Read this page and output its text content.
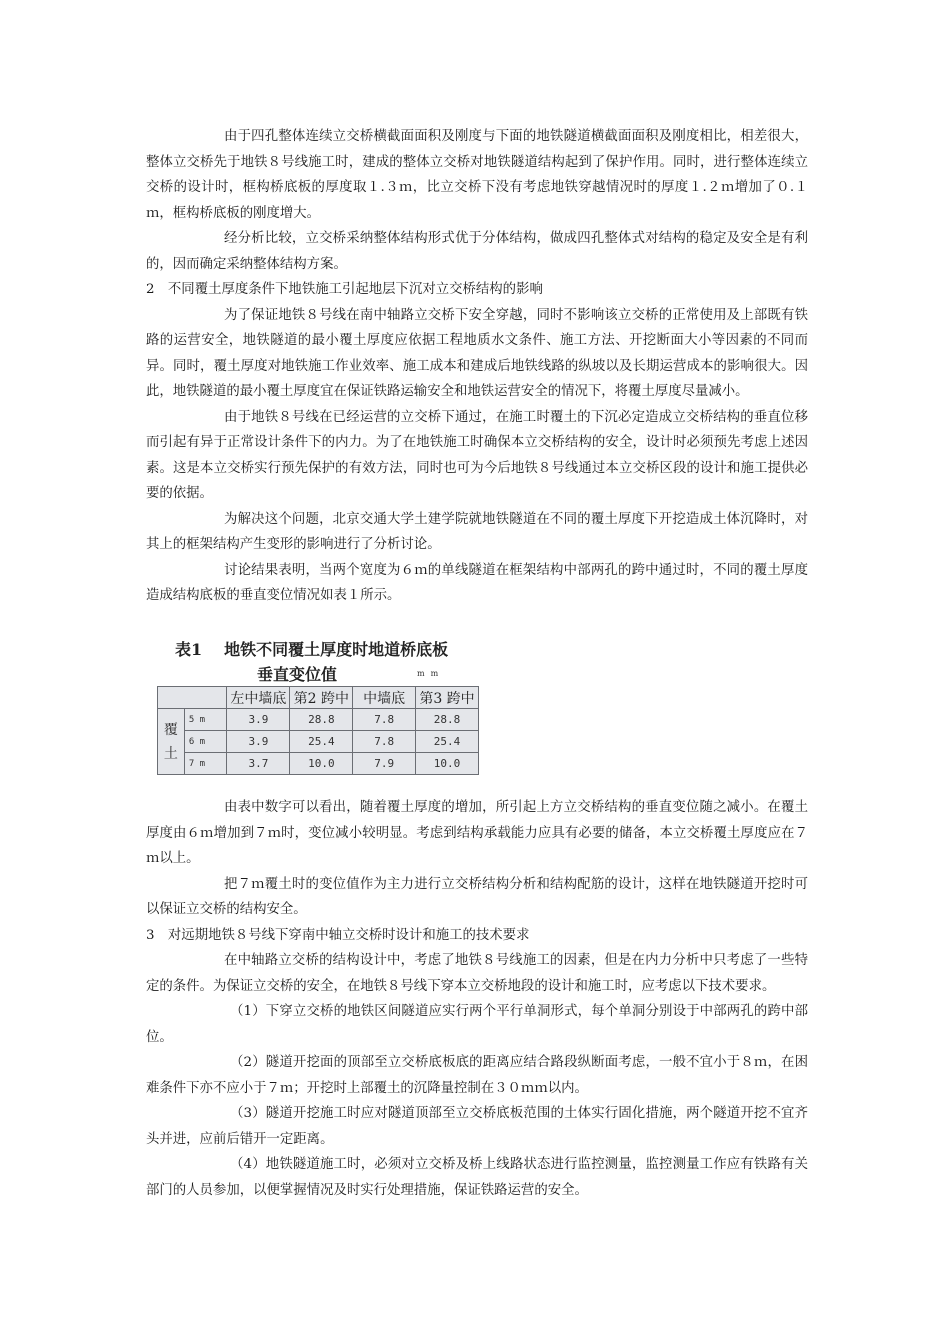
由于四孔整体连续立交桥横截面面积及刚度与下面的地铁隧道横截面面积及刚度相比，相差很大，整体立交桥先于地铁８号线施工时，建成的整体立交桥对地铁隧道结构起到了保护作用。同时，进行整体连续立交桥的设计时，框构桥底板的厚度取１.３ｍ，比立交桥下没有考虑地铁穿越情况时的厚度１.２ｍ增加了０.１ｍ，框构桥底板的刚度增大。

经分析比较，立交桥采纳整体结构形式优于分体结构，做成四孔整体式对结构的稳定及安全是有利的，因而确定采纳整体结构方案。

2　不同覆土厚度条件下地铁施工引起地层下沉对立交桥结构的影响

为了保证地铁８号线在南中轴路立交桥下安全穿越，同时不影响该立交桥的正常使用及上部既有铁路的运营安全，地铁隧道的最小覆土厚度应依据工程地质水文条件、施工方法、开挖断面大小等因素的不同而异。同时，覆土厚度对地铁施工作业效率、施工成本和建成后地铁线路的纵坡以及长期运营成本的影响很大。因此，地铁隧道的最小覆土厚度宜在保证铁路运输安全和地铁运营安全的情况下，将覆土厚度尽量减小。

由于地铁８号线在已经运营的立交桥下通过，在施工时覆土的下沉必定造成立交桥结构的垂直位移而引起有异于正常设计条件下的内力。为了在地铁施工时确保本立交桥结构的安全，设计时必须预先考虑上述因素。这是本立交桥实行预先保护的有效方法，同时也可为今后地铁８号线通过本立交桥区段的设计和施工提供必要的依据。

为解决这个问题，北京交通大学土建学院就地铁隧道在不同的覆土厚度下开挖造成土体沉降时，对其上的框架结构产生变形的影响进行了分析讨论。

讨论结果表明，当两个宽度为６ｍ的单线隧道在框架结构中部两孔的跨中通过时，不同的覆土厚度造成结构底板的垂直变位情况如表１所示。

表1 地铁不同覆土厚度时地道桥底板
垂直变位值	mm
		左中墙底	第2 跨中	中墙底	第3 跨中
覆
土	5 m	3.9	28.8	7.8	28.8
	6 m	3.9	25.4	7.8	25.4
	7 m	3.7	10.0	7.9	10.0

由表中数字可以看出，随着覆土厚度的增加，所引起上方立交桥结构的垂直变位随之减小。在覆土厚度由６ｍ增加到７ｍ时，变位减小较明显。考虑到结构承载能力应具有必要的储备，本立交桥覆土厚度应在７ｍ以上。

把７ｍ覆土时的变位值作为主力进行立交桥结构分析和结构配筋的设计，这样在地铁隧道开挖时可以保证立交桥的结构安全。

3　对远期地铁８号线下穿南中轴立交桥时设计和施工的技术要求

在中轴路立交桥的结构设计中，考虑了地铁８号线施工的因素，但是在内力分析中只考虑了一些特定的条件。为保证立交桥的安全，在地铁８号线下穿本立交桥地段的设计和施工时，应考虑以下技术要求。

（1）下穿立交桥的地铁区间隧道应实行两个平行单洞形式，每个单洞分别设于中部两孔的跨中部位。

（2）隧道开挖面的顶部至立交桥底板底的距离应结合路段纵断面考虑，一般不宜小于８ｍ，在困难条件下亦不应小于７ｍ；开挖时上部覆土的沉降量控制在３０ｍｍ以内。

（3）隧道开挖施工时应对隧道顶部至立交桥底板范围的土体实行固化措施，两个隧道开挖不宜齐头并进，应前后错开一定距离。

（4）地铁隧道施工时，必须对立交桥及桥上线路状态进行监控测量，监控测量工作应有铁路有关部门的人员参加，以便掌握情况及时实行处理措施，保证铁路运营的安全。
